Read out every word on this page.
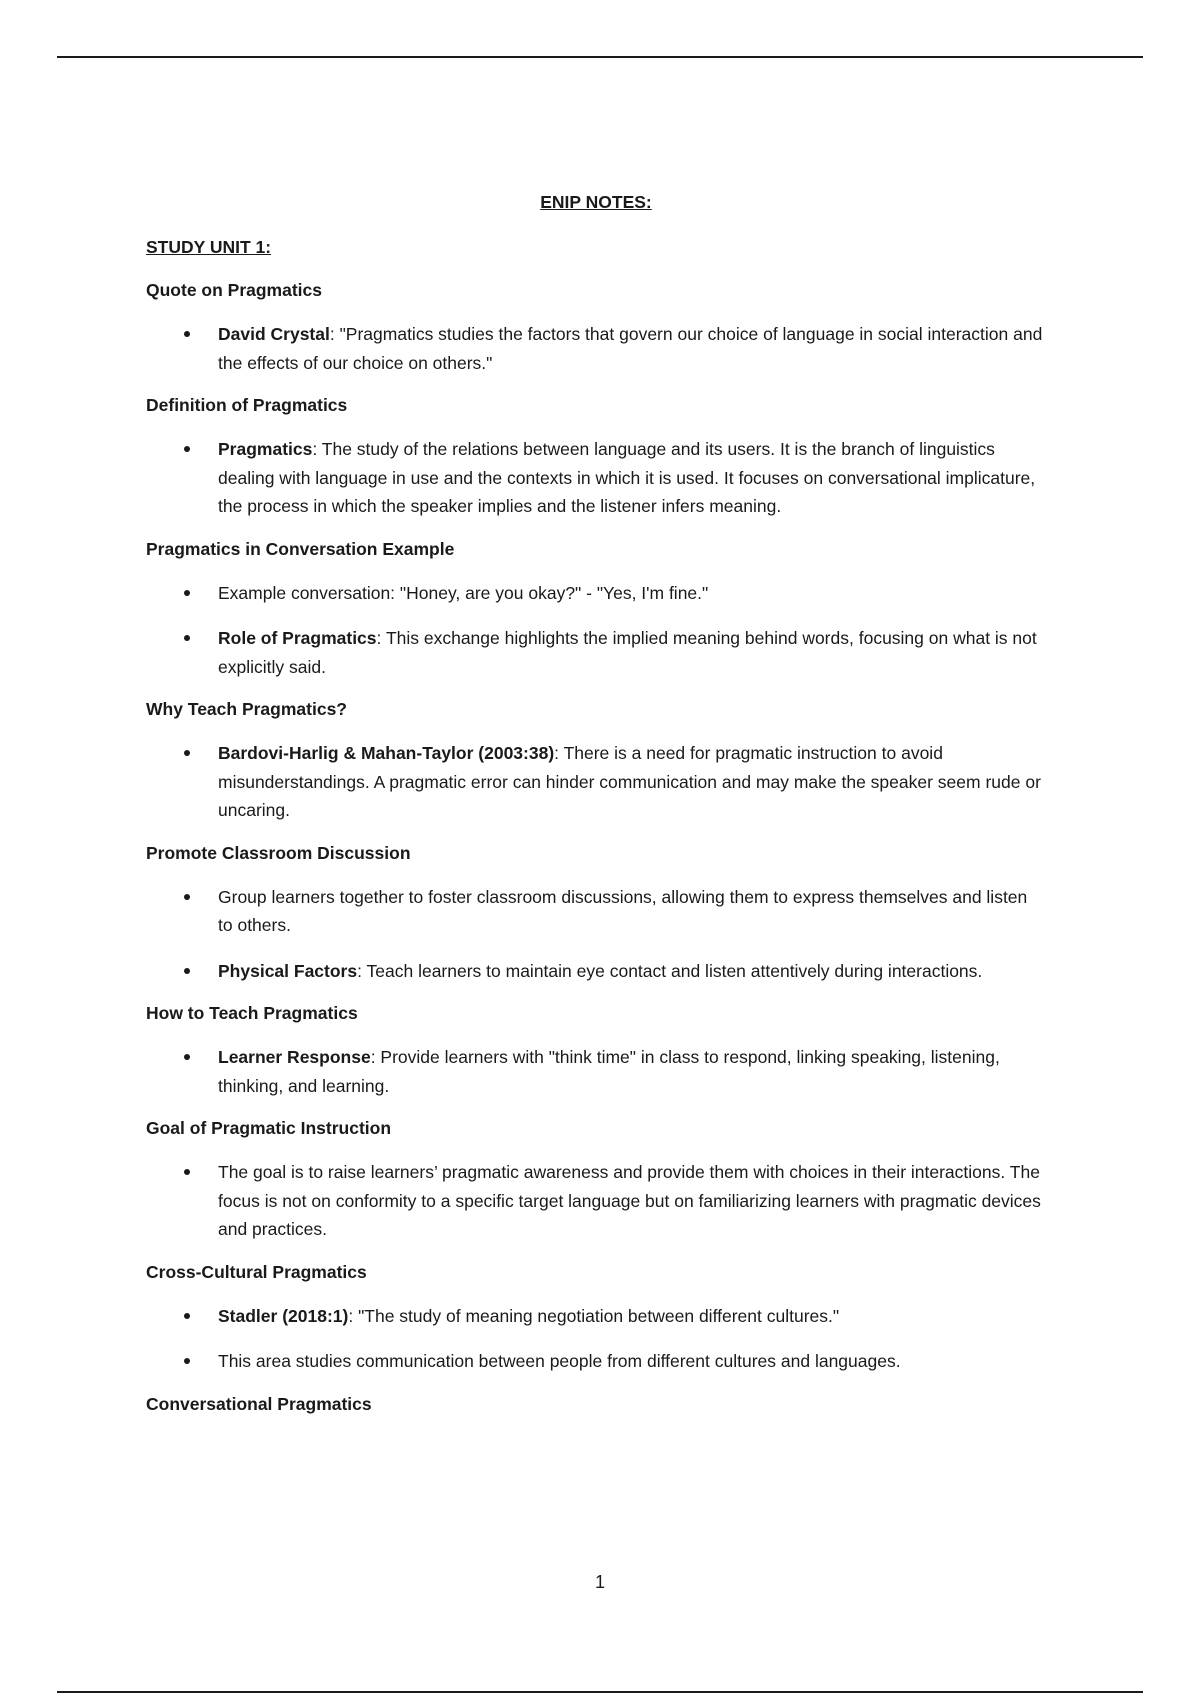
ENIP NOTES:
STUDY UNIT 1:
Quote on Pragmatics
David Crystal: "Pragmatics studies the factors that govern our choice of language in social interaction and the effects of our choice on others."
Definition of Pragmatics
Pragmatics: The study of the relations between language and its users. It is the branch of linguistics dealing with language in use and the contexts in which it is used. It focuses on conversational implicature, the process in which the speaker implies and the listener infers meaning.
Pragmatics in Conversation Example
Example conversation: "Honey, are you okay?" - "Yes, I'm fine."
Role of Pragmatics: This exchange highlights the implied meaning behind words, focusing on what is not explicitly said.
Why Teach Pragmatics?
Bardovi-Harlig & Mahan-Taylor (2003:38): There is a need for pragmatic instruction to avoid misunderstandings. A pragmatic error can hinder communication and may make the speaker seem rude or uncaring.
Promote Classroom Discussion
Group learners together to foster classroom discussions, allowing them to express themselves and listen to others.
Physical Factors: Teach learners to maintain eye contact and listen attentively during interactions.
How to Teach Pragmatics
Learner Response: Provide learners with "think time" in class to respond, linking speaking, listening, thinking, and learning.
Goal of Pragmatic Instruction
The goal is to raise learners’ pragmatic awareness and provide them with choices in their interactions. The focus is not on conformity to a specific target language but on familiarizing learners with pragmatic devices and practices.
Cross-Cultural Pragmatics
Stadler (2018:1): "The study of meaning negotiation between different cultures."
This area studies communication between people from different cultures and languages.
Conversational Pragmatics
1
